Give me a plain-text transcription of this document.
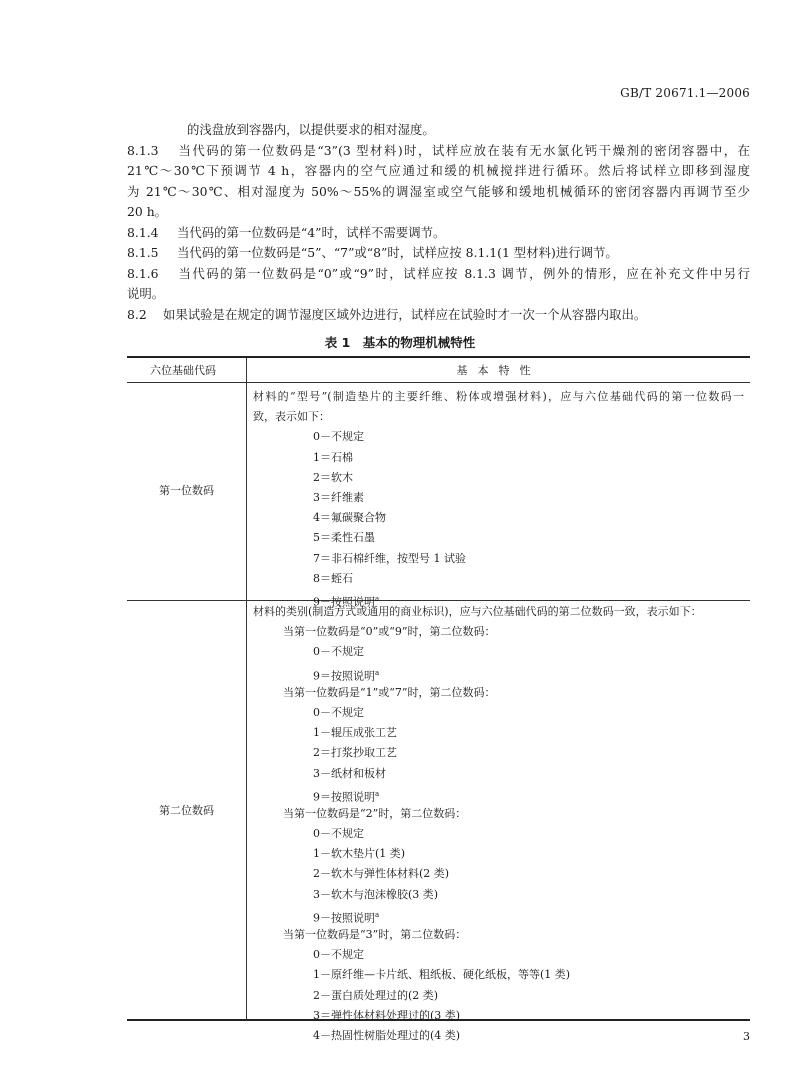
GB/T 20671.1—2006
的浅盘放到容器内，以提供要求的相对湿度。
8.1.3 当代码的第一位数码是“3”(3 型材料)时，试样应放在装有无水氯化钙干燥剂的密闭容器中，在
21℃～30℃下预调节 4 h，容器内的空气应通过和缓的机械搅拌进行循环。然后将试样立即移到湿度
为 21℃～30℃、相对湿度为 50%～55%的调湿室或空气能够和缓地机械循环的密闭容器内再调节至少
20 h。
8.1.4 当代码的第一位数码是“4”时，试样不需要调节。
8.1.5 当代码的第一位数码是“5”、“7”或“8”时，试样应按 8.1.1(1 型材料)进行调节。
8.1.6 当代码的第一位数码是“0”或“9”时，试样应按 8.1.3 调节，例外的情形，应在补充文件中另行
说明。
8.2 如果试验是在规定的调节湿度区域外边进行，试样应在试验时才一次一个从容器内取出。
表 1　基本的物理机械特性
六位基础代码	基本特性
第一位数码
材料的“型号”(制造垫片的主要纤维、粉体或增强材料)，应与六位基础代码的第一位数码一
致，表示如下：
0－不规定
1＝石棉
2＝软木
3＝纤维素
4＝氟碳聚合物
5＝柔性石墨
7＝非石棉纤维，按型号 1 试验
8＝蛭石
9－按照说明$^a$
第二位数码
材料的类别(制造方式或通用的商业标识)，应与六位基础代码的第二位数码一致，表示如下：
当第一位数码是“0”或“9”时，第二位数码：
0－不规定
9＝按照说明$^a$
当第一位数码是“1”或“7”时，第二位数码：
0－不规定
1－辊压成张工艺
2＝打浆抄取工艺
3－纸材和板材
9＝按照说明$^a$
当第一位数码是“2”时，第二位数码：
0－不规定
1－软木垫片(1 类)
2－软木与弹性体材料(2 类)
3－软木与泡沫橡胶(3 类)
9－按照说明$^a$
当第一位数码是“3”时，第二位数码：
0－不规定
1－原纤维—卡片纸、粗纸板、硬化纸板，等等(1 类)
2－蛋白质处理过的(2 类)
3＝弹性体材料处理过的(3 类)
4－热固性树脂处理过的(4 类)	3
